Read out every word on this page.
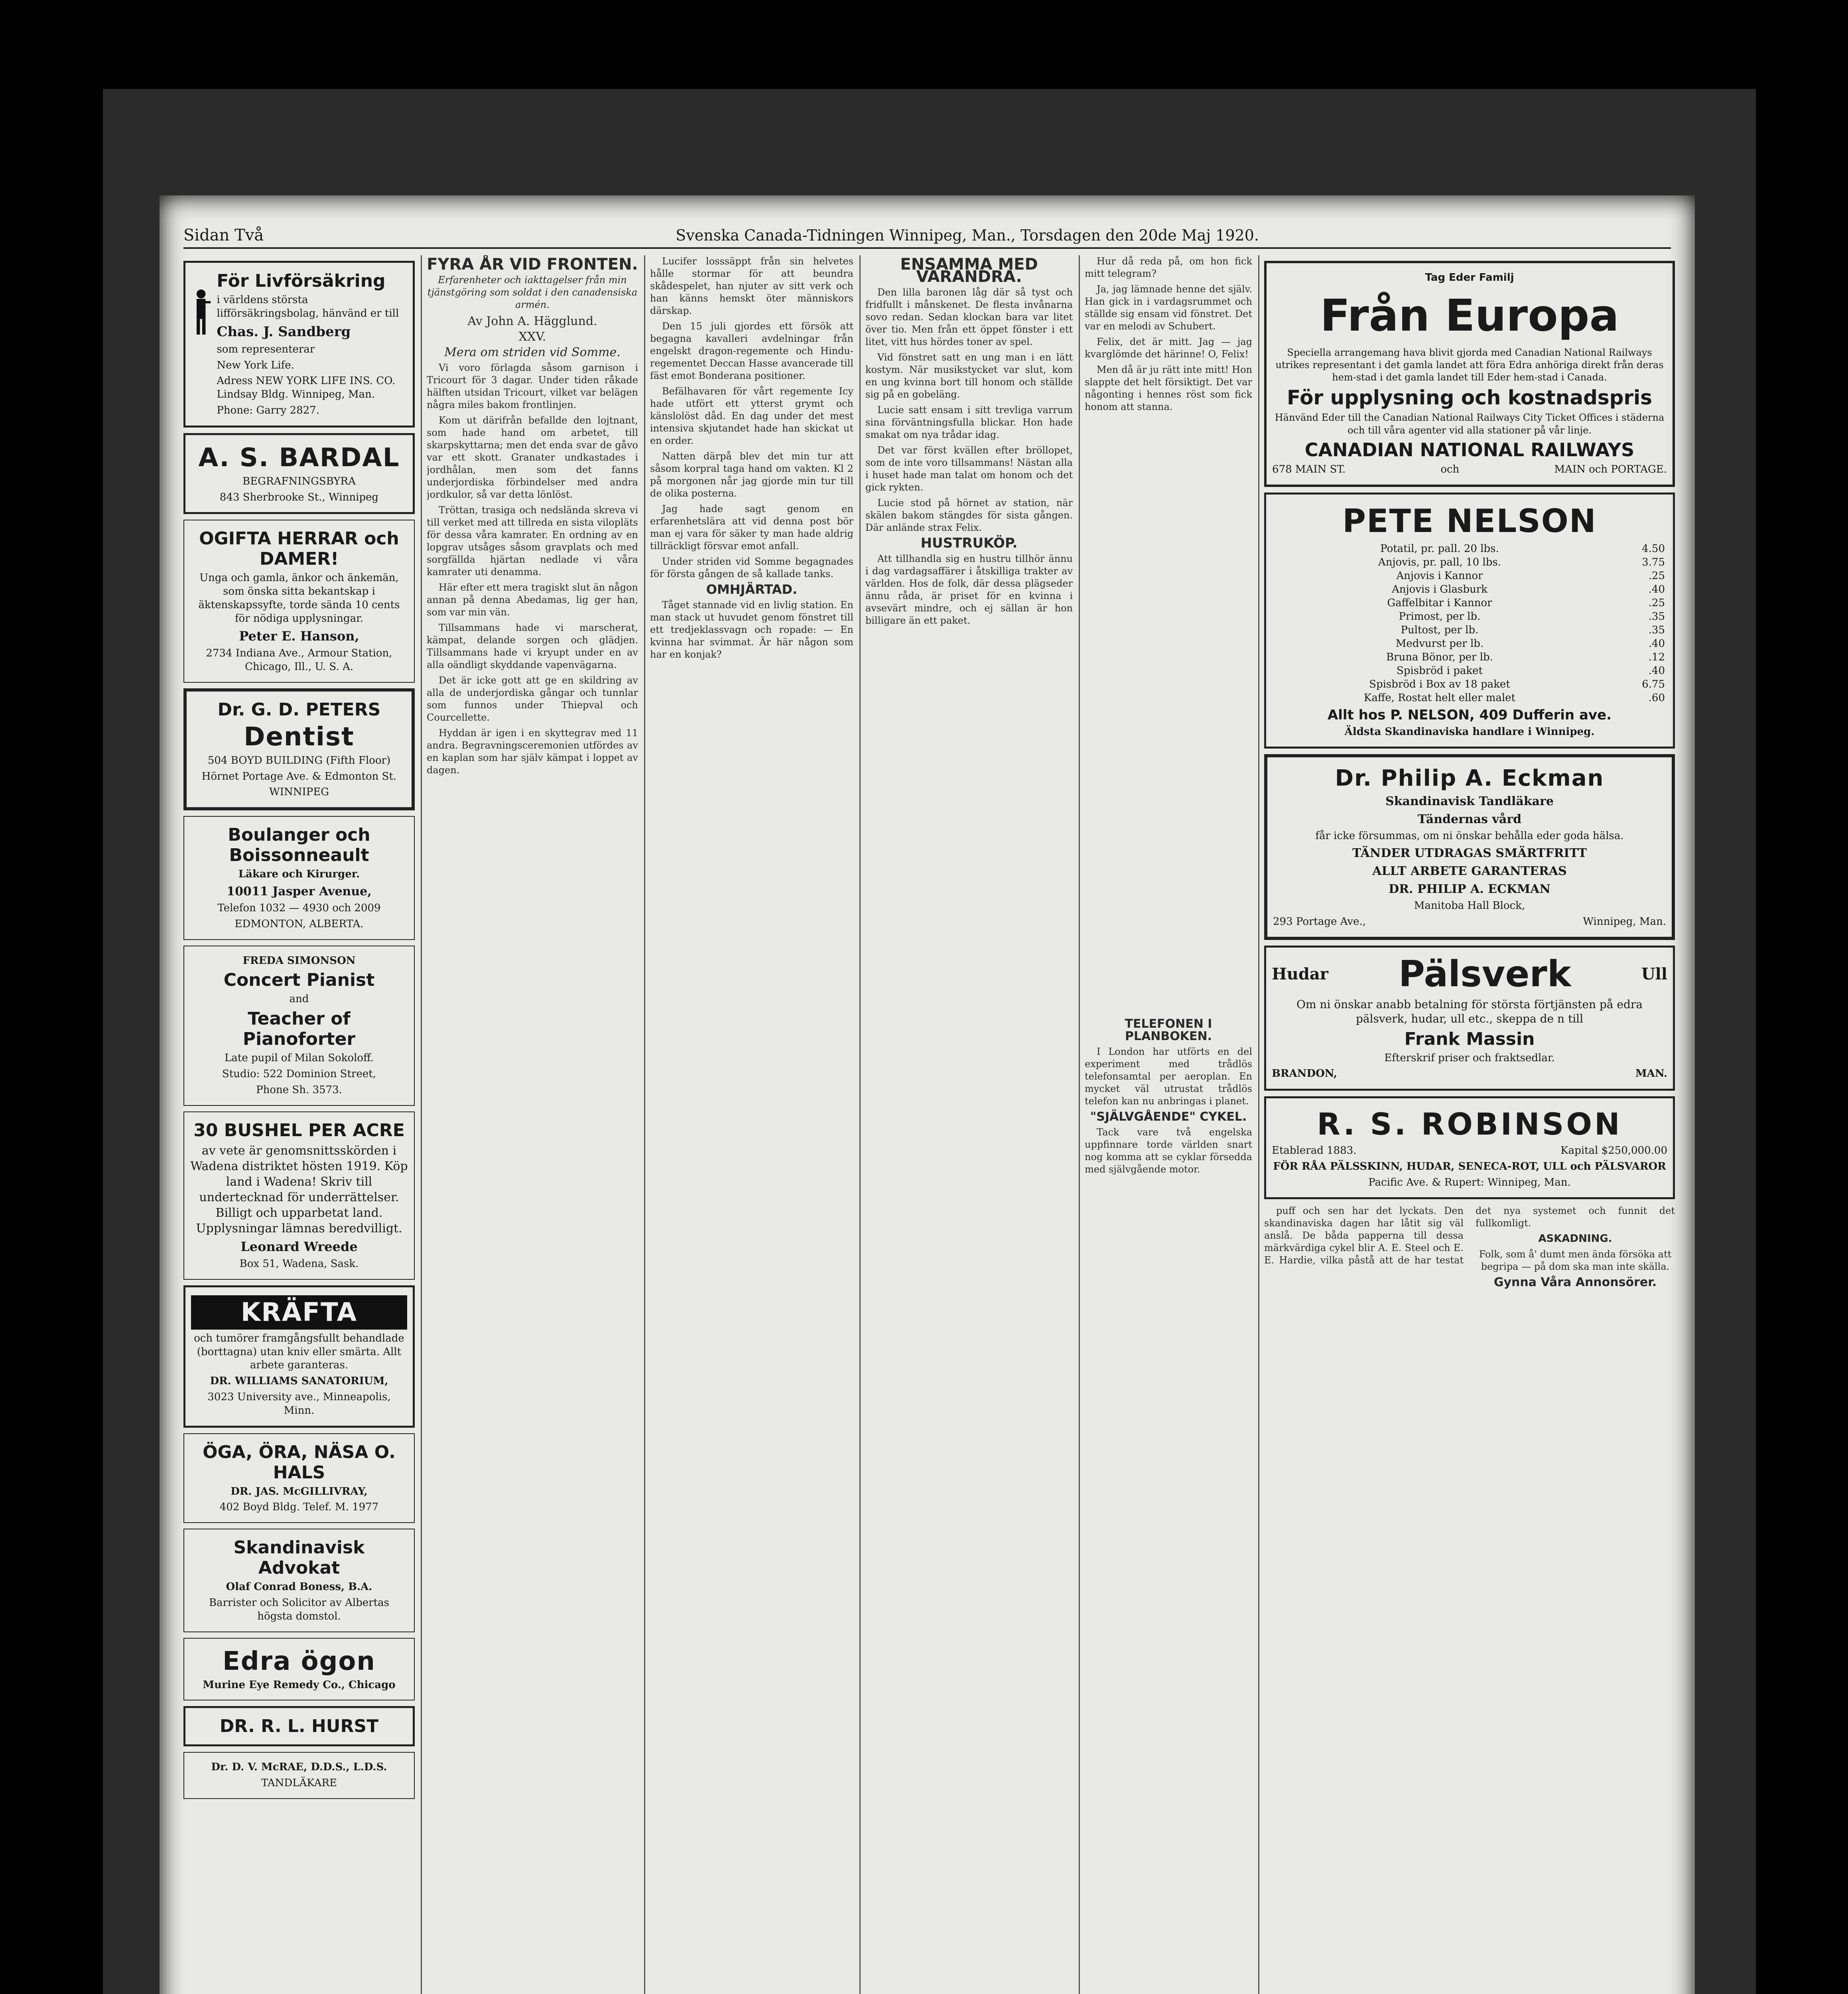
Sidan Två	Svenska Canada-Tidningen Winnipeg, Man., Torsdagen den 20de Maj 1920.
För Livförsäkring

i världens största lifförsäkringsbolag, hänvänd er till

Chas. J. Sandberg

som representerar

New York Life.

Adress NEW YORK LIFE INS. CO. Lindsay Bldg. Winnipeg, Man.

Phone: Garry 2827.

A. S. BARDAL

BEGRAFNINGSBYRA

843 Sherbrooke St., Winnipeg

OGIFTA HERRAR och DAMER!

Unga och gamla, änkor och änkemän, som önska sitta bekantskap i äktenskapssyfte, torde sända 10 cents för nödiga upplysningar.

Peter E. Hanson,

2734 Indiana Ave., Armour Station, Chicago, Ill., U. S. A.

Dr. G. D. PETERS
Dentist

504 BOYD BUILDING (Fifth Floor)

Hörnet Portage Ave. & Edmonton St.

WINNIPEG

Boulanger och Boissonneault

Läkare och Kirurger.

10011 Jasper Avenue,

Telefon 1032 — 4930 och 2009

EDMONTON, ALBERTA.

FREDA SIMONSON

Concert Pianist

and

Teacher of Pianoforter

Late pupil of Milan Sokoloff.

Studio: 522 Dominion Street,

Phone Sh. 3573.

30 BUSHEL PER ACRE

av vete är genomsnittsskörden i Wadena distriktet hösten 1919. Köp land i Wadena! Skriv till undertecknad för underrättelser. Billigt och upparbetat land. Upplysningar lämnas beredvilligt.

Leonard Wreede

Box 51, Wadena, Sask.

KRÄFTA

och tumörer framgångsfullt behandlade (borttagna) utan kniv eller smärta. Allt arbete garanteras.

DR. WILLIAMS SANATORIUM,

3023 University ave., Minneapolis, Minn.

ÖGA, ÖRA, NÄSA O. HALS

DR. JAS. McGILLIVRAY,

402 Boyd Bldg. Telef. M. 1977

Skandinavisk Advokat

Olaf Conrad Boness, B.A.

Barrister och Solicitor av Albertas högsta domstol.

Edra ögon

Murine Eye Remedy Co., Chicago

DR. R. L. HURST

Dr. D. V. McRAE, D.D.S., L.D.S.

TANDLÄKARE

FYRA ÅR VID FRONTEN.
Erfarenheter och iakttagelser från min tjänstgöring som soldat i den canadensiska armén.
Av John A. Hägglund.
XXV.
Mera om striden vid Somme.

Vi voro förlagda såsom garnison i Tricourt för 3 dagar. Under tiden råkade hälften utsidan Tricourt, vilket var belägen några miles bakom frontlinjen.

Kom ut därifrån befallde den lojtnant, som hade hand om arbetet, till skarpskyttarna; men det enda svar de gåvo var ett skott. Granater undkastades i jordhålan, men som det fanns underjordiska förbindelser med andra jordkulor, så var detta lönlöst.

Tröttan, trasiga och nedslända skreva vi till verket med att tillreda en sista vilopläts för dessa våra kamrater. En ordning av en lopgrav utsåges såsom gravplats och med sorgfällda hjärtan nedlade vi våra kamrater uti denamma.

Här efter ett mera tragiskt slut än någon annan på denna Abedamas, lig ger han, som var min vän.

Tillsammans hade vi marscherat, kämpat, delande sorgen och glädjen. Tillsammans hade vi kryupt under en av alla oändligt skyddande vapenvägarna.

Det är icke gott att ge en skildring av alla de underjordiska gångar och tunnlar som funnos under Thiepval och Courcellette.

Hyddan är igen i en skyttegrav med 11 andra. Begravningsceremonien utfördes av en kaplan som har själv kämpat i loppet av dagen.

Lucifer losssäppt från sin helvetes hålle stormar för att beundra skådespelet, han njuter av sitt verk och han känns hemskt öter människors därskap.

Den 15 juli gjordes ett försök att begagna kavalleri avdelningar från engelskt dragon-regemente och Hindu-regementet Deccan Hasse avancerade till fäst emot Bonderana positioner.

Befälhavaren för vårt regemente Icy hade utfört ett ytterst grymt och känslolöst dåd. En dag under det mest intensiva skjutandet hade han skickat ut en order.

Natten därpå blev det min tur att såsom korpral taga hand om vakten. Kl 2 på morgonen når jag gjorde min tur till de olika posterna.

Jag hade sagt genom en erfarenhetslära att vid denna post bör man ej vara för säker ty man hade aldrig tillräckligt försvar emot anfall.

Under striden vid Somme begagnades för första gången de så kallade tanks.

OMHJÄRTAD.

Tåget stannade vid en livlig station. En man stack ut huvudet genom fönstret till ett tredjeklassvagn och ropade: — En kvinna har svimmat. Är här någon som har en konjak?

ENSAMMA MED VARANDRA.

Den lilla baronen låg där så tyst och fridfullt i månskenet. De flesta invånarna sovo redan. Sedan klockan bara var litet över tio. Men från ett öppet fönster i ett litet, vitt hus hördes toner av spel.

Vid fönstret satt en ung man i en lätt kostym. När musikstycket var slut, kom en ung kvinna bort till honom och ställde sig på en gobeläng.

Lucie satt ensam i sitt trevliga varrum sina förväntningsfulla blickar. Hon hade smakat om nya trådar idag.

Det var först kvällen efter bröllopet, som de inte voro tillsammans! Nästan alla i huset hade man talat om honom och det gick rykten.

Lucie stod på hörnet av station, när skälen bakom stängdes för sista gången. Där anlände strax Felix.

HUSTRUKÖP.

Att tillhandla sig en hustru tillhör ännu i dag vardagsaffärer i åtskilliga trakter av världen. Hos de folk, där dessa plägseder ännu råda, är priset för en kvinna i avsevärt mindre, och ej sällan är hon billigare än ett paket.

Hur då reda på, om hon fick mitt telegram?

Ja, jag lämnade henne det själv. Han gick in i vardagsrummet och ställde sig ensam vid fönstret. Det var en melodi av Schubert.

Felix, det är mitt. Jag — jag kvarglömde det härinne! O, Felix!

Men då är ju rätt inte mitt! Hon slappte det helt försiktigt. Det var någonting i hennes röst som fick honom att stanna.

TELEFONEN I PLANBOKEN.

I London har utförts en del experiment med trådlös telefonsamtal per aeroplan. En mycket väl utrustat trådlös telefon kan nu anbringas i planet.

"SJÄLVGÅENDE" CYKEL.

Tack vare två engelska uppfinnare torde världen snart nog komma att se cyklar försedda med självgående motor.

Tag Eder Familj

Från Europa

Speciella arrangemang hava blivit gjorda med Canadian National Railways utrikes representant i det gamla landet att föra Edra anhöriga direkt från deras hem-stad i det gamla landet till Eder hem-stad i Canada.

För upplysning och kostnadspris

Hänvänd Eder till the Canadian National Railways City Ticket Offices i städerna och till våra agenter vid alla stationer på vår linje.

CANADIAN NATIONAL RAILWAYS

678 MAIN ST.	och	MAIN och PORTAGE.

PETE NELSON
Potatil, pr. pall. 20 lbs.	4.50
Anjovis, pr. pall, 10 lbs.	3.75
Anjovis i Kannor	.25
Anjovis i Glasburk	.40
Gaffelbitar i Kannor	.25
Primost, per lb.	.35
Pultost, per lb.	.35
Medvurst per lb.	.40
Bruna Bönor, per lb.	.12
Spisbröd i paket	.40
Spisbröd i Box av 18 paket	6.75
Kaffe, Rostat helt eller malet	.60
Allt hos P. NELSON, 409 Dufferin ave.

Äldsta Skandinaviska handlare i Winnipeg.

Dr. Philip A. Eckman

Skandinavisk Tandläkare

Tändernas vård

får icke försummas, om ni önskar behålla eder goda hälsa.

TÄNDER UTDRAGAS SMÄRTFRITT

ALLT ARBETE GARANTERAS

DR. PHILIP A. ECKMAN

Manitoba Hall Block,

293 Portage Ave.,	Winnipeg, Man.

Hudar Pälsverk	Ull

Om ni önskar anabb betalning för största förtjänsten på edra pälsverk, hudar, ull etc., skeppa de n till

Frank Massin

Efterskrif priser och fraktsedlar.

BRANDON,	MAN.

R. S. ROBINSON

Etablerad 1883.	Kapital $250,000.00

FÖR RÅA PÄLSSKINN, HUDAR, SENECA-ROT, ULL och PÄLSVAROR

Pacific Ave. & Rupert: Winnipeg, Man.

puff och sen har det lyckats. Den skandinaviska dagen har låtit sig väl anslå. De båda papperna till dessa märkvärdiga cykel blir A. E. Steel och E. E. Hardie, vilka påstå att de har testat det nya systemet och funnit det fullkomligt.

ASKADNING.

Folk, som å' dumt men ända försöka att begripa — på dom ska man inte skälla.

Gynna Våra Annonsörer.
